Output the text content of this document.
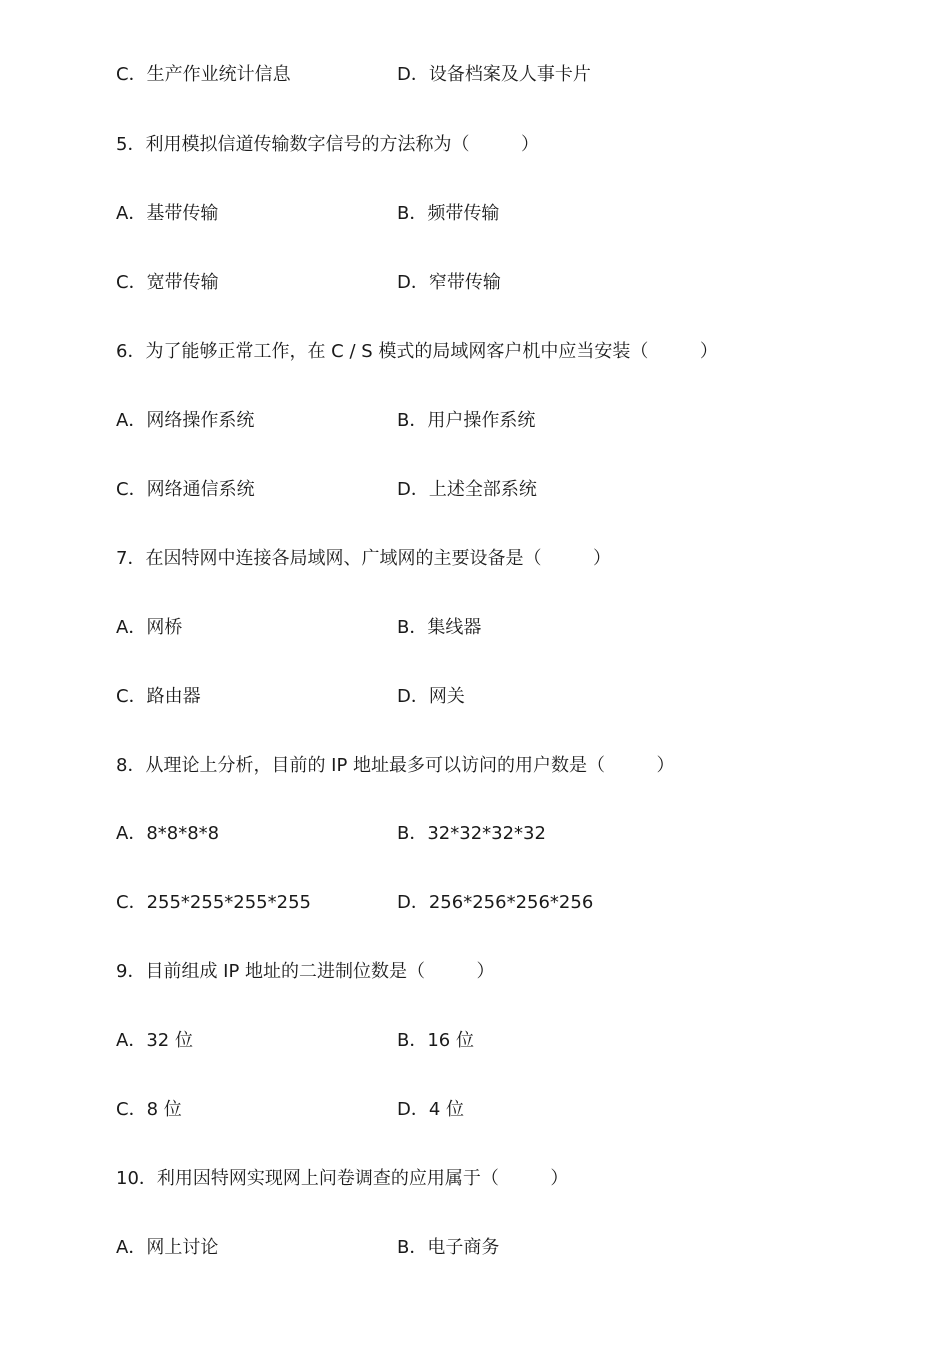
C．生产作业统计信息

	D．设备档案及人事卡片

5．利用模拟信道传输数字信号的方法称为（         ）

A．基带传输

	B．频带传输

C．宽带传输

	D．窄带传输

6．为了能够正常工作，在 C / S 模式的局域网客户机中应当安装（         ）

A．网络操作系统

	B．用户操作系统

C．网络通信系统

	D．上述全部系统

7．在因特网中连接各局域网、广域网的主要设备是（         ）

A．网桥

	B．集线器

C．路由器

	D．网关

8．从理论上分析，目前的 IP 地址最多可以访问的用户数是（         ）

A．8*8*8*8

	B．32*32*32*32

C．255*255*255*255

	D．256*256*256*256

9．目前组成 IP 地址的二进制位数是（         ）

A．32 位

	B．16 位

C．8 位

	D．4 位

10．利用因特网实现网上问卷调查的应用属于（         ）

A．网上讨论

	B．电子商务
